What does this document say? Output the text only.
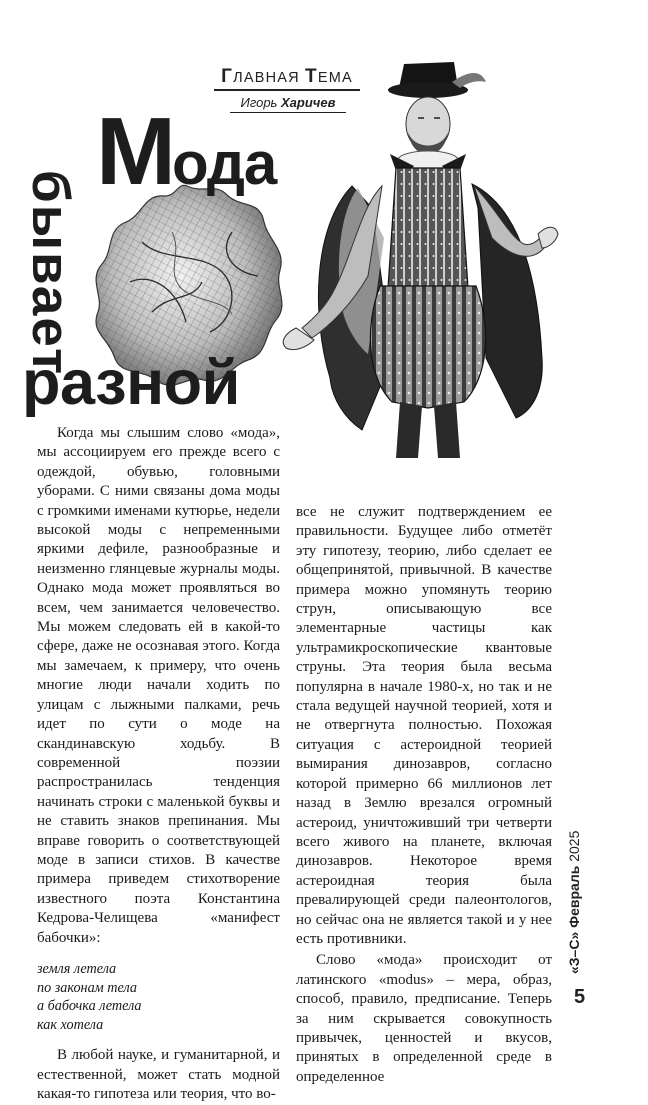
ГЛАВНАЯ ТЕМА
Игорь Харичев
Мода
бывает
разной

Когда мы слышим слово «мода», мы ассоциируем его прежде всего с одеждой, обувью, головными уборами. С ними связаны дома моды с громкими именами кутюрье, недели высокой моды с непременными яркими дефиле, разнообразные и неизменно глянцевые журналы моды. Однако мода может проявляться во всем, чем занимается человечество. Мы можем следовать ей в какой-то сфере, даже не осознавая этого. Когда мы замечаем, к примеру, что очень многие люди начали ходить по улицам с лыжными палками, речь идет по сути о моде на скандинавскую ходьбу. В современной поэзии распространилась тенденция начинать строки с маленькой буквы и не ставить знаков препинания. Мы вправе говорить о соответствующей моде в записи стихов. В качестве примера приведем стихотворение известного поэта Константина Кедрова-Челищева «манифест бабочки»:

земля летела
по законам тела
а бабочка летела
как хотела

В любой науке, и гуманитарной, и естественной, может стать модной какая-то гипотеза или теория, что во-

все не служит подтверждением ее правильности. Будущее либо отметёт эту гипотезу, теорию, либо сделает ее общепринятой, привычной. В качестве примера можно упомянуть теорию струн, описывающую все элементарные частицы как ультрамикроскопические квантовые струны. Эта теория была весьма популярна в начале 1980-х, но так и не стала ведущей научной теорией, хотя и не отвергнута полностью. Похожая ситуация с астероидной теорией вымирания динозавров, согласно которой примерно 66 миллионов лет назад в Землю врезался огромный астероид, уничтоживший три четверти всего живого на планете, включая динозавров. Некоторое время астероидная теория была превалирующей среди палеонтологов, но сейчас она не является такой и у нее есть противники.

Слово «мода» происходит от латинского «modus» – мера, образ, способ, правило, предписание. Теперь за ним скрывается совокупность привычек, ценностей и вкусов, принятых в определенной среде в определенное

«З–С» Февраль 2025
5
